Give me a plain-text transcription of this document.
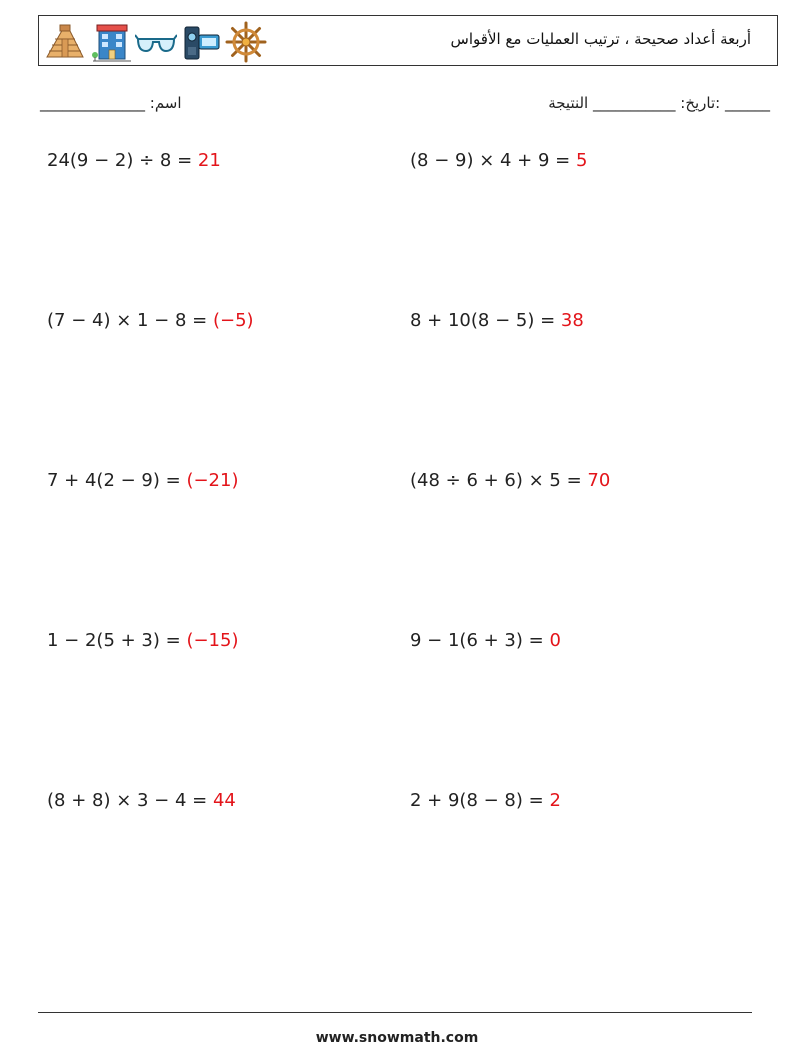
أربعة أعداد صحيحة ، ترتيب العمليات مع الأقواس
______________ :اسم	______ :تاريخ: ___________ النتيجة
24(9 − 2) ÷ 8 = 21	(8 − 9) × 4 + 9 = 5
(7 − 4) × 1 − 8 = (−5)	8 + 10(8 − 5) = 38
7 + 4(2 − 9) = (−21)	(48 ÷ 6 + 6) × 5 = 70
1 − 2(5 + 3) = (−15)	9 − 1(6 + 3) = 0
(8 + 8) × 3 − 4 = 44	2 + 9(8 − 8) = 2
www.snowmath.com
